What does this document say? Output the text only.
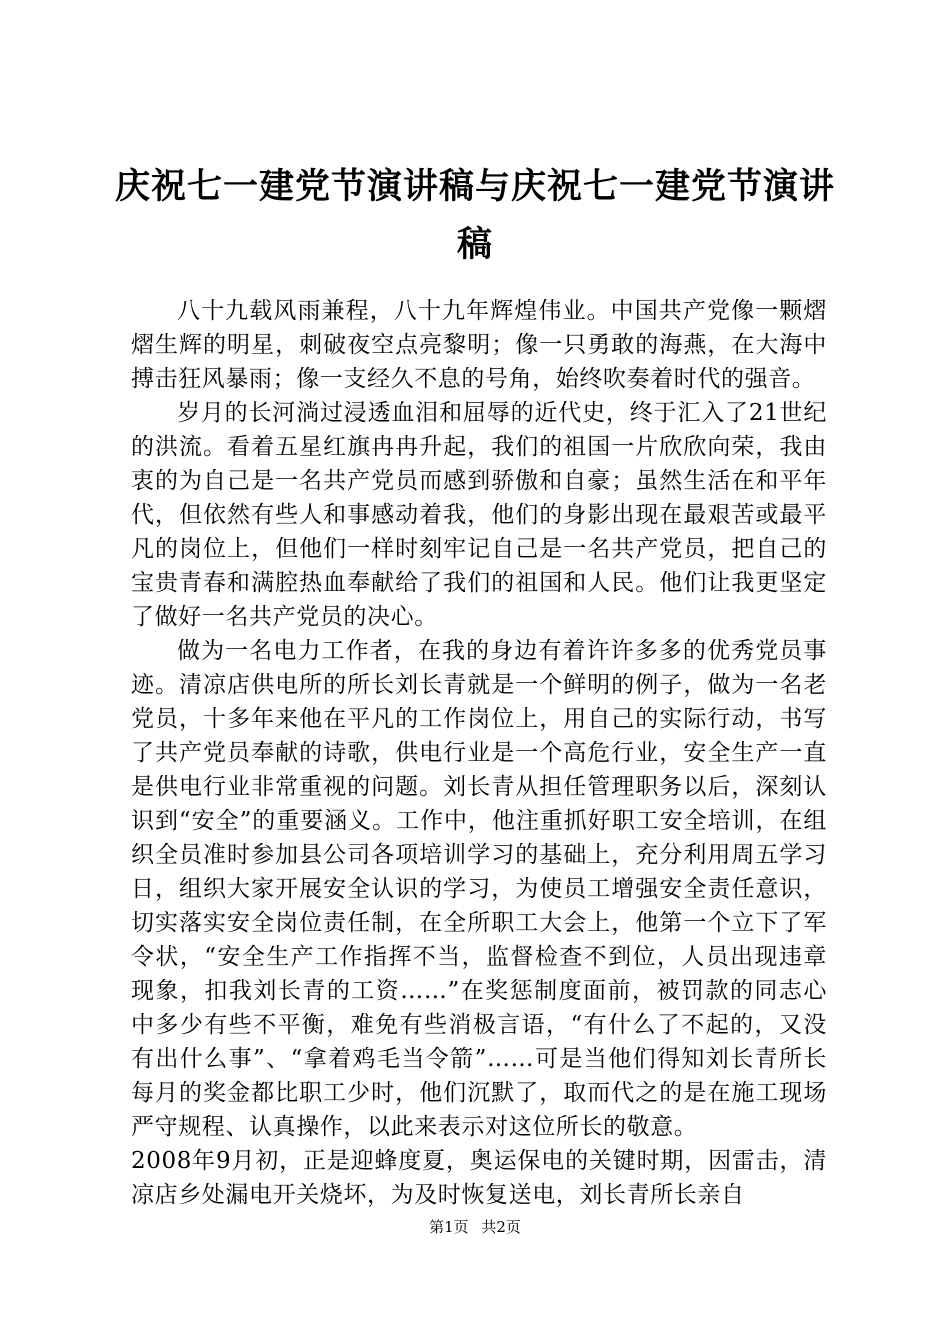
庆祝七一建党节演讲稿与庆祝七一建党节演讲稿

八十九载风雨兼程，八十九年辉煌伟业。中国共产党像一颗熠熠生辉的明星，刺破夜空点亮黎明；像一只勇敢的海燕，在大海中搏击狂风暴雨；像一支经久不息的号角，始终吹奏着时代的强音。

岁月的长河淌过浸透血泪和屈辱的近代史，终于汇入了21世纪的洪流。看着五星红旗冉冉升起，我们的祖国一片欣欣向荣，我由衷的为自己是一名共产党员而感到骄傲和自豪；虽然生活在和平年代，但依然有些人和事感动着我，他们的身影出现在最艰苦或最平凡的岗位上，但他们一样时刻牢记自己是一名共产党员，把自己的宝贵青春和满腔热血奉献给了我们的祖国和人民。他们让我更坚定了做好一名共产党员的决心。

做为一名电力工作者，在我的身边有着许许多多的优秀党员事迹。清凉店供电所的所长刘长青就是一个鲜明的例子，做为一名老党员，十多年来他在平凡的工作岗位上，用自己的实际行动，书写了共产党员奉献的诗歌，供电行业是一个高危行业，安全生产一直是供电行业非常重视的问题。刘长青从担任管理职务以后，深刻认识到“安全”的重要涵义。工作中，他注重抓好职工安全培训，在组织全员准时参加县公司各项培训学习的基础上，充分利用周五学习日，组织大家开展安全认识的学习，为使员工增强安全责任意识，切实落实安全岗位责任制，在全所职工大会上，他第一个立下了军令状，“安全生产工作指挥不当，监督检查不到位，人员出现违章现象，扣我刘长青的工资……”在奖惩制度面前，被罚款的同志心中多少有些不平衡，难免有些消极言语，“有什么了不起的，又没有出什么事”、“拿着鸡毛当令箭”……可是当他们得知刘长青所长每月的奖金都比职工少时，他们沉默了，取而代之的是在施工现场严守规程、认真操作，以此来表示对这位所长的敬意。

2008年9月初，正是迎蜂度夏，奥运保电的关键时期，因雷击，清凉店乡处漏电开关烧坏，为及时恢复送电，刘长青所长亲自

第1页 共2页
